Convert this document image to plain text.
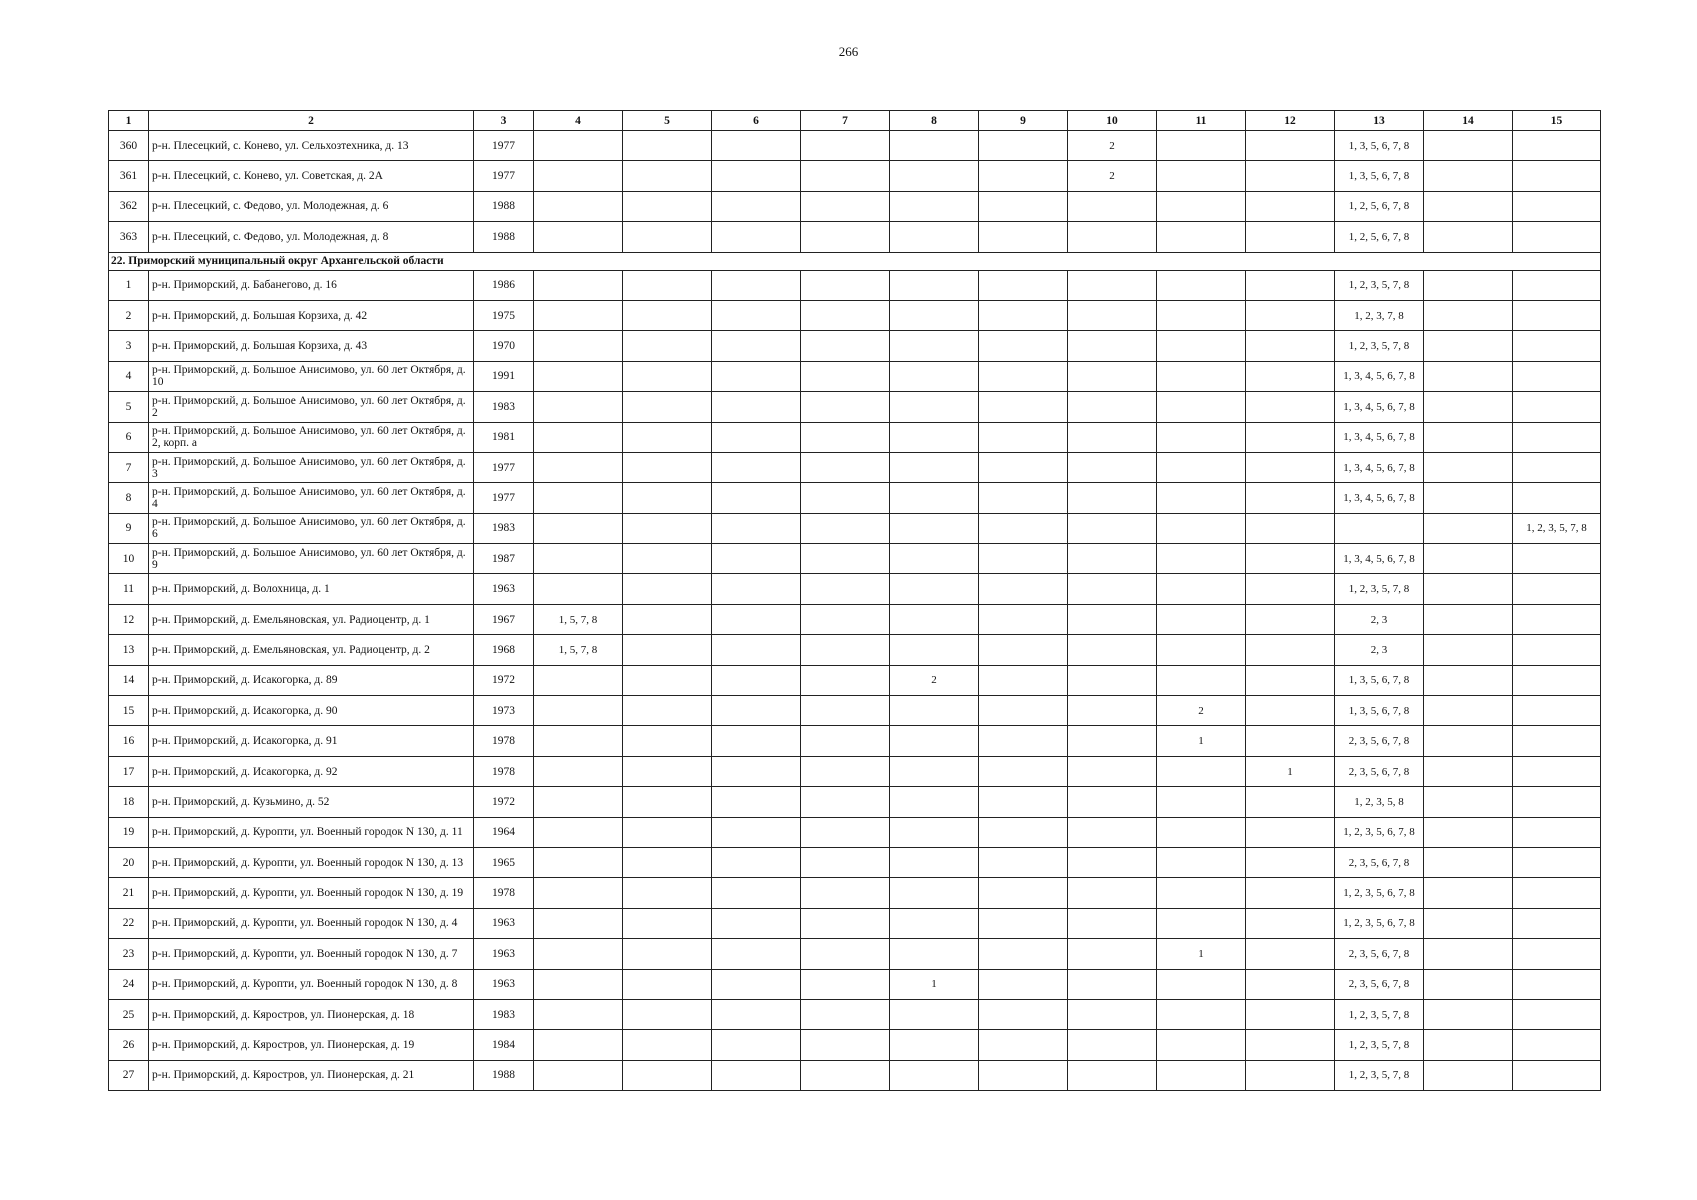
266
1	2	3	4	5	6	7	8	9	10	11	12	13	14	15
360	р-н. Плесецкий, с. Конево, ул. Сельхозтехника, д. 13	1977							2			1, 3, 5, 6, 7, 8		
361	р-н. Плесецкий, с. Конево, ул. Советская, д. 2А	1977							2			1, 3, 5, 6, 7, 8		
362	р-н. Плесецкий, с. Федово, ул. Молодежная, д. 6	1988										1, 2, 5, 6, 7, 8		
363	р-н. Плесецкий, с. Федово, ул. Молодежная, д. 8	1988										1, 2, 5, 6, 7, 8		
22. Приморский муниципальный округ Архангельской области														
1	р-н. Приморский, д. Бабанегово, д. 16	1986										1, 2, 3, 5, 7, 8		
2	р-н. Приморский, д. Большая Корзиха, д. 42	1975										1, 2, 3, 7, 8		
3	р-н. Приморский, д. Большая Корзиха, д. 43	1970										1, 2, 3, 5, 7, 8		
4	р-н. Приморский, д. Большое Анисимово, ул. 60 лет Октября, д. 10	1991										1, 3, 4, 5, 6, 7, 8		
5	р-н. Приморский, д. Большое Анисимово, ул. 60 лет Октября, д. 2	1983										1, 3, 4, 5, 6, 7, 8		
6	р-н. Приморский, д. Большое Анисимово, ул. 60 лет Октября, д. 2, корп. а	1981										1, 3, 4, 5, 6, 7, 8		
7	р-н. Приморский, д. Большое Анисимово, ул. 60 лет Октября, д. 3	1977										1, 3, 4, 5, 6, 7, 8		
8	р-н. Приморский, д. Большое Анисимово, ул. 60 лет Октября, д. 4	1977										1, 3, 4, 5, 6, 7, 8		
9	р-н. Приморский, д. Большое Анисимово, ул. 60 лет Октября, д. 6	1983												1, 2, 3, 5, 7, 8
10	р-н. Приморский, д. Большое Анисимово, ул. 60 лет Октября, д. 9	1987										1, 3, 4, 5, 6, 7, 8		
11	р-н. Приморский, д. Волохница, д. 1	1963										1, 2, 3, 5, 7, 8		
12	р-н. Приморский, д. Емельяновская, ул. Радиоцентр, д. 1	1967	1, 5, 7, 8									2, 3		
13	р-н. Приморский, д. Емельяновская, ул. Радиоцентр, д. 2	1968	1, 5, 7, 8									2, 3		
14	р-н. Приморский, д. Исакогорка, д. 89	1972					2					1, 3, 5, 6, 7, 8		
15	р-н. Приморский, д. Исакогорка, д. 90	1973								2		1, 3, 5, 6, 7, 8		
16	р-н. Приморский, д. Исакогорка, д. 91	1978								1		2, 3, 5, 6, 7, 8		
17	р-н. Приморский, д. Исакогорка, д. 92	1978									1	2, 3, 5, 6, 7, 8		
18	р-н. Приморский, д. Кузьмино, д. 52	1972										1, 2, 3, 5, 8		
19	р-н. Приморский, д. Куропти, ул. Военный городок N 130, д. 11	1964										1, 2, 3, 5, 6, 7, 8		
20	р-н. Приморский, д. Куропти, ул. Военный городок N 130, д. 13	1965										2, 3, 5, 6, 7, 8		
21	р-н. Приморский, д. Куропти, ул. Военный городок N 130, д. 19	1978										1, 2, 3, 5, 6, 7, 8		
22	р-н. Приморский, д. Куропти, ул. Военный городок N 130, д. 4	1963										1, 2, 3, 5, 6, 7, 8		
23	р-н. Приморский, д. Куропти, ул. Военный городок N 130, д. 7	1963								1		2, 3, 5, 6, 7, 8		
24	р-н. Приморский, д. Куропти, ул. Военный городок N 130, д. 8	1963					1					2, 3, 5, 6, 7, 8		
25	р-н. Приморский, д. Кяростров, ул. Пионерская, д. 18	1983										1, 2, 3, 5, 7, 8		
26	р-н. Приморский, д. Кяростров, ул. Пионерская, д. 19	1984										1, 2, 3, 5, 7, 8		
27	р-н. Приморский, д. Кяростров, ул. Пионерская, д. 21	1988										1, 2, 3, 5, 7, 8		
